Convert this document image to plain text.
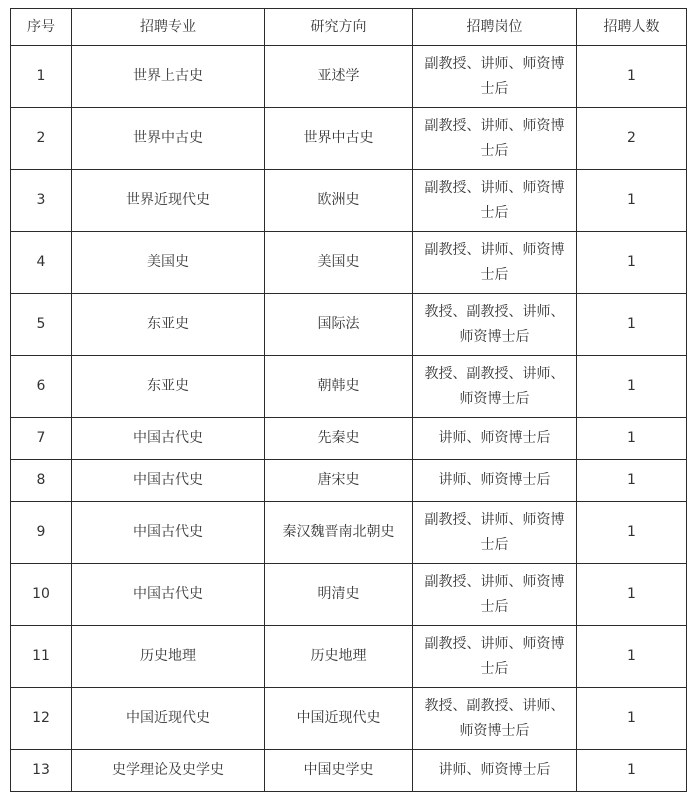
序号	招聘专业	研究方向	招聘岗位	招聘人数
1	世界上古史	亚述学	副教授、讲师、师资博士后	1
2	世界中古史	世界中古史	副教授、讲师、师资博士后	2
3	世界近现代史	欧洲史	副教授、讲师、师资博士后	1
4	美国史	美国史	副教授、讲师、师资博士后	1
5	东亚史	国际法	教授、副教授、讲师、师资博士后	1
6	东亚史	朝韩史	教授、副教授、讲师、师资博士后	1
7	中国古代史	先秦史	讲师、师资博士后	1
8	中国古代史	唐宋史	讲师、师资博士后	1
9	中国古代史	秦汉魏晋南北朝史	副教授、讲师、师资博士后	1
10	中国古代史	明清史	副教授、讲师、师资博士后	1
11	历史地理	历史地理	副教授、讲师、师资博士后	1
12	中国近现代史	中国近现代史	教授、副教授、讲师、师资博士后	1
13	史学理论及史学史	中国史学史	讲师、师资博士后	1
